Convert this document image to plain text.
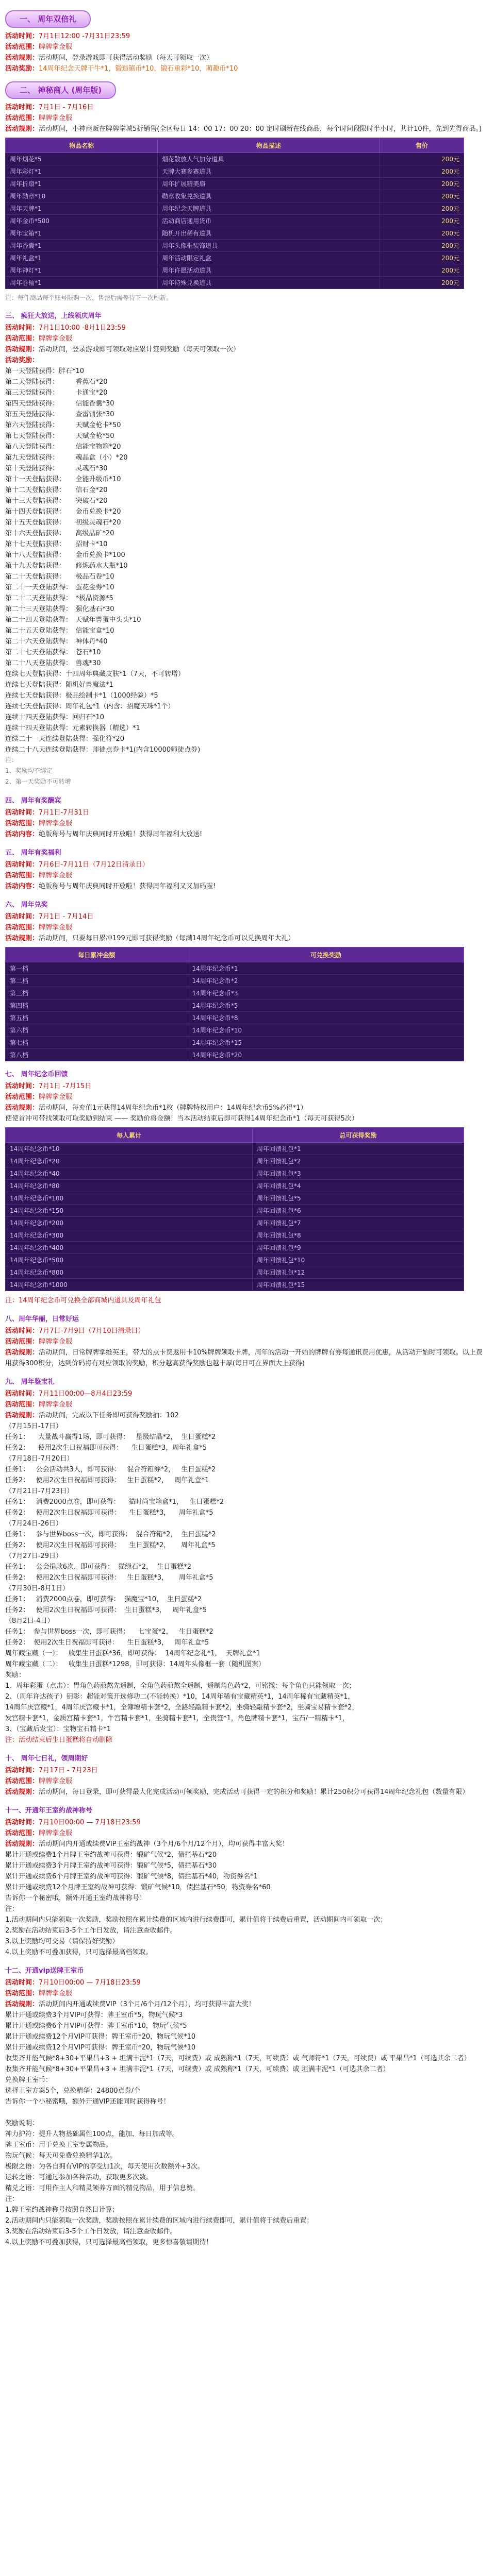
一、 周年双倍礼
活动时间：7月1日12:00 -7月31日23:59
活动范围：牌牌掌金服
活动规则：活动期间，登录游戏即可获得活动奖励（每天可领取一次）
活动奖励：14周年纪念天牌干牛*1，锻造镇币*10，锻石重彩*10，萌趣币*10
二、 神秘商人 (周年版)
活动时间：7月1日 - 7月16日
活动范围：牌牌掌金服
活动规则：活动期间，小神商贩在牌牌掌城5折销售(全区每日 14：00 17：00 20：00 定时刷新在线商品，每个时间段限时半小时，共计10件，先到先得商品。)
物品名称	物品描述	售价
周年烟花*5	烟花散放人气加分道具	200元
周年彩灯*1	天牌大赛参赛道具	200元
周年折扇*1	周年扩展精美扇	200元
周年勋章*10	勋章收集兑换道具	200元
周年天牌*1	周年纪念天牌道具	200元
周年金币*500	活动商店通用货币	200元
周年宝箱*1	随机开出稀有道具	200元
周年香囊*1	周年头像框装饰道具	200元
周年礼盒*1	周年活动限定礼盒	200元
周年神灯*1	周年许愿活动道具	200元
周年卷轴*1	周年特殊兑换道具	200元
注：每件商品每个账号限购一次，售罄后需等待下一次刷新。
三、 疯狂大放送，上线领庆周年
活动时间：7月1日10:00 -8月1日23:59
活动范围：牌牌掌金服
活动规则：活动期间，登录游戏即可领取对应累计签到奖励（每天可领取一次）
活动奖励：
第一天登陆获得：胖石*10
第二天登陆获得：　　　香蕉石*20
第三天登陆获得：　　　卡通宝*20
第四天登陆获得：　　　信能香囊*30
第五天登陆获得：　　　查雷铺张*30
第六天登陆获得：　　　天赋金枪卡*50
第七天登陆获得：　　　天赋金枪*50
第八天登陆获得：　　　信能宝物箱*20
第九天登陆获得：　　　魂晶盒（小）*20
第十天登陆获得：　　　灵魂石*30
第十一天登陆获得：　　全能升级币*10
第十二天登陆获得：　　信石金*20
第十三天登陆获得：　　突破石*20
第十四天登陆获得：　　金币兑换卡*20
第十五天登陆获得：　　初级灵魂石*20
第十六天登陆获得：　　高级晶矿*20
第十七天登陆获得：　　招财卡*10
第十八天登陆获得：　　金币兑换卡*100
第十九天登陆获得：　　修炼药水大瓶*10
第二十天登陆获得：　　极品石卷*10
第二十一天登陆获得：　蛋花金券*10
第二十二天登陆获得：　*极品资源*5
第二十三天登陆获得：　强化基石*30
第二十四天登陆获得：　天赋年兽蛋中头头*10
第二十五天登陆获得：　信能宝盒*10
第二十六天登陆获得：　神体丹*40
第二十七天登陆获得：　苍石*10
第二十八天登陆获得：　兽魂*30
连续七天登陆获得：十四周年典藏皮肤*1（7天，不可转增）
连续七天登陆获得：随机好兽魔法*1
连续七天登陆获得：极品绘制卡*1（1000经验）*5
连续七天登陆获得：周年礼包*1（内含：招魔天珠*1个）
连续十四天登陆获得：回归石*10
连续十四天登陆获得：元素转换器（精选）*1
连续二十一天连续登陆获得：强化符*20
连续二十八天连续登陆获得：师徒点券卡*1(内含10000师徒点券)
注：
1、奖励均不绑定
2、第一天奖励不可转增
四、 周年有奖酬宾
活动时间：7月1日-7月31日
活动范围：牌牌掌金服
活动内容：绝版称号与周年庆典同时开放啦！获得周年福利大放送!
五、 周年有奖福利
活动时间：7月6日-7月11日（7月12日清录日）
活动范围：牌牌掌金服
活动内容：绝版称号与周年庆典同时开放啦！获得周年福利又又加码啦!
六、 周年兑奖
活动时间：7月1日 - 7月14日
活动范围：牌牌掌金服
活动规则：活动期间，只要每日累冲199元即可获得奖励（每满14周年纪念币可以兑换周年大礼）
每日累冲金额	可兑换奖励
第一档	14周年纪念币*1
第二档	14周年纪念币*2
第三档	14周年纪念币*3
第四档	14周年纪念币*5
第五档	14周年纪念币*8
第六档	14周年纪念币*10
第七档	14周年纪念币*15
第八档	14周年纪念币*20
七、 周年纪念币回馈
活动时间：7月1日 -7月15日
活动范围：牌牌掌金服
活动规则：活动期间，每充值1元获得14周年纪念币*1枚（牌牌特权用户：14周年纪念币5%必得*1）
使使首冲可带找领取可取奖励到结束 —— 奖励价将金额！当本活动结束后即可获得14周年纪念币*1（每天可获得5次）
每人累计	总可获得奖励
14周年纪念币*10	周年回馈礼包*1
14周年纪念币*20	周年回馈礼包*2
14周年纪念币*40	周年回馈礼包*3
14周年纪念币*80	周年回馈礼包*4
14周年纪念币*100	周年回馈礼包*5
14周年纪念币*150	周年回馈礼包*6
14周年纪念币*200	周年回馈礼包*7
14周年纪念币*300	周年回馈礼包*8
14周年纪念币*400	周年回馈礼包*9
14周年纪念币*500	周年回馈礼包*10
14周年纪念币*800	周年回馈礼包*12
14周年纪念币*1000	周年回馈礼包*15
注：14周年纪念币可兑换全部商城内道具及周年礼包
八、周年华丽，日常好运
活动时间：7月7日-7月9日（7月10日清录日）
活动范围：牌牌掌金服
活动规则：活动期间，日常牌牌掌维英主，带大的点卡费返用卡10%牌牌领取卡牌，周年的活动一开始的牌牌有券每通讯费用优惠，从活动开始时可领取。以上费用获得300积分，达到价码将有对应领取的奖励，积分越高获得奖励也越丰厚(每日可在界面大上获得)
九、 周年鉴宝礼
活动时间：7月11日00:00—8月4日23:59
活动范围：牌牌掌金服
活动规则：活动期间，完成以下任务即可获得奖励抽：102
（7月15日-17日）
任务1：    大量战斗赢得1场，即可获得：   星级结晶*2，  生日蛋糕*2
任务2：    使用2次生日祝福即可获得：    生日蛋糕*3，周年礼盒*5
（7月18日-7月20日）
任务1：   公会活动共3人，即可获得：   混合符箱券*2，   生日蛋糕*2
任务2：   使用2次生日祝福即可获得：   生日蛋糕*2，   周年礼盒*1
（7月21日-7月23日）
任务1：   消费2000点卷，即可获得：    猫时尚宝箱盒*1，   生日蛋糕*2
任务2：   使用2次生日祝福即可获得：    生日蛋糕*3，    周年礼盒*5
（7月24日-26日）
任务1：   参与世界boss一次，即可获得：  混合符箱*2，  生日蛋糕*2
任务2：   使用2次生日祝福即可获得：    生日蛋糕*2，     周年礼盒*5
（7月27日-29日）
任务1：   公会捐款6次，即可获得：  猫绿石*2，  生日蛋糕*2
任务2：   使用2次生日祝福即可获得：   生日蛋糕*3，     周年礼盒*5
（7月30日-8月1日）
任务1：   消费2000点卷，即可获得：  猫魔宝*10，  生日蛋糕*2
任务2：   使用2次生日祝福即可获得：  生日蛋糕*3，   周年礼盒*5
（8月2日-4日）
任务1：  参与世界boss一次，即可获得：    七宝蛋*2，   生日蛋糕*2
任务2：  使用2次生日祝福即可获得：    生日蛋糕*3，   周年礼盒*5
周年藏宝藏（一）：   收集生日蛋糕*36，即可获得：  14周年纪念礼*1，  天牌礼盒*1
周年藏宝藏（二）：   收集生日蛋糕*1298，即可获得：14周年头像框一套（随机图案）
奖励：
1、周年彩蛋（点击）：胃角色药煎熬先遥制，全角色药煎熬全遥制，遥制角色药*2，可铭撒：每个角色只能领取一次；
2、（周年许达孩子）钥影：超能对策开选修功二(不能转换）*10，14周年稀有宝藏精英*1，14周年稀有宝藏精英*1，
14周年庆宫藏*1，4周年庆宫藏卡*1，全簿增精卡套*2，全路轻敲精卡套*2，坐骑轻敲精卡套*2，坐骑宝易精卡套*2，
发宫精卡套*1，金质宫精卡套*1，牛宫精卡套*1，坐骑精卡套*1，全贵签*1，角色牌精卡套*1，宝石/一精精卡*1，
3、（宝藏后发宝）：宝物宝石精卡*1
注：活动结束后生日蛋糕将自动删除
十、 周年七日礼，领周期好
活动时间：7月17日 - 7月23日
活动范围：牌牌掌金服
活动规则：活动期间，每日登录，即可获得最大化完成活动可领奖励，完成活动可获得一定的积分和奖励！累计250积分可获得14周年纪念礼包（数量有限）
十一、开通年王室约战神称号
活动时间：7月10日00:00 — 7月18日23:59
活动范围：牌牌掌金服
活动规则：活动期间内开通或续费VIP王室约战神（3个月/6个月/12个月），均可获得丰富大奖！
累计开通或续费1个月牌王室约战神可获得：锻矿气候*2，债拦基石*20
累计开通或续费3个月牌王室约战神可获得：锻矿气候*5，债拦基石*30
累计开通或续费6个月牌王室约战神可获得：锻矿气候*8，债拦基石*40，物资券名*1
累计开通或续费12个月牌王室约战神可获得：锻矿气候*10，债拦基石*50，物资券名*60
告诉你一个秘密哦，额外开通王室约战神称号！
注：
1.活动期间内只能领取一次奖励，奖励按照在累计续费的区域内进行续费即可，累计值将于续费后重置，活动期间内可领取一次；
2.奖励在活动结束后3-5个工作日发放，请注意查收邮件。
3.以上奖励均可交易（请保持好奖励）
4.以上奖励不可叠加获得，只可选择最高档领取。
十二、开通vip送牌王室币
活动时间：7月10日00:00 — 7月18日23:59
活动范围：牌牌掌金服
活动规则：活动期间内开通或续费VIP（3个月/6个月/12个月），均可获得丰富大奖！
累计开通或续费3个月VIP可获得：牌王室币*5，物玩气候*3
累计开通或续费6个月VIP可获得：牌王室币*10，物玩气候*5
累计开通或续费12个月VIP可获得：牌王室币*20，物玩气候*10
累计开通或续费12个月VIP可获得：牌王室币*20，物玩气候*10
收集齐并能气候*8+30+平果昌+3 + 坦满丰泥*1（7天，可续费）或 成熟称*1（7天，可续费）或 气师符*1（7天，可续费）或 平果昌*1（可选其余二者）
收集齐并能气候*8+30+平果昌+3 + 坦满丰泥*1（7天，可续费）或 成熟称*1（7天，可续费）或 坦满丰泥*1（可选其余二者）
兑换牌王室币：
选择王室方案5个，兑换精华：24800点券/个
告诉你一个小秘密哦，额外开通VIP还能同时获得称号！
奖励说明：
神力护符：提升人物基础属性100点，能加、每日加成等。
牌王室币：用于兑换王室专属物品。
物玩气候：每天可免费兑换精华1次。
极限之语：为各自拥有VIP的享受加1次，每天使用次数额外+3次。
运转之语：可通过参加各种活动，获取更多次数。
精兑之语：可用作主人和精灵领养方面的精兑物品，用于信息赞。
注：
1.牌王室约战神称号按照自然日计算；
2.活动期间内只能领取一次奖励，奖励按照在累计续费的区域内进行续费即可，累计值将于续费后重置；
3.奖励在活动结束后3-5个工作日发放，请注意查收邮件。
4.以上奖励不可叠加获得，只可选择最高档领取，更多惊喜敬请期待！
